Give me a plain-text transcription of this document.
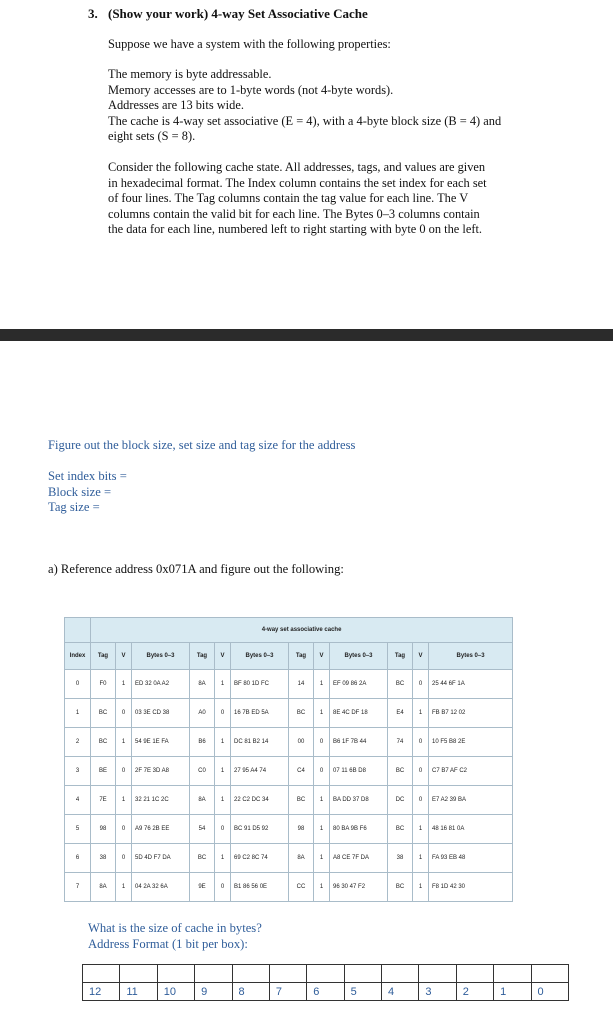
3. (Show your work) 4-way Set Associative Cache

Suppose we have a system with the following properties:

The memory is byte addressable.
Memory accesses are to 1-byte words (not 4-byte words).
Addresses are 13 bits wide.
The cache is 4-way set associative (E = 4), with a 4-byte block size (B = 4) and
eight sets (S = 8).
Consider the following cache state. All addresses, tags, and values are given
in hexadecimal format. The Index column contains the set index for each set
of four lines. The Tag columns contain the tag value for each line. The V
columns contain the valid bit for each line. The Bytes 0–3 columns contain
the data for each line, numbered left to right starting with byte 0 on the left.
Figure out the block size, set size and tag size for the address
Set index bits =
Block size =
Tag size =
a) Reference address 0x071A and figure out the following:
	4-way set associative cache											
Index	Tag	V	Bytes 0–3	Tag	V	Bytes 0–3	Tag	V	Bytes 0–3	Tag	V	Bytes 0–3
0	F0	1	ED 32 0A A2	8A	1	BF 80 1D FC	14	1	EF 09 86 2A	BC	0	25 44 6F 1A
1	BC	0	03 3E CD 38	A0	0	16 7B ED 5A	BC	1	8E 4C DF 18	E4	1	FB B7 12 02
2	BC	1	54 9E 1E FA	B6	1	DC 81 B2 14	00	0	B6 1F 7B 44	74	0	10 F5 B8 2E
3	BE	0	2F 7E 3D A8	C0	1	27 95 A4 74	C4	0	07 11 6B D8	BC	0	C7 B7 AF C2
4	7E	1	32 21 1C 2C	8A	1	22 C2 DC 34	BC	1	BA DD 37 D8	DC	0	E7 A2 39 BA
5	98	0	A9 76 2B EE	54	0	BC 91 D5 92	98	1	80 BA 9B F6	BC	1	48 16 81 0A
6	38	0	5D 4D F7 DA	BC	1	69 C2 8C 74	8A	1	A8 CE 7F DA	38	1	FA 93 EB 48
7	8A	1	04 2A 32 6A	9E	0	B1 86 56 0E	CC	1	96 30 47 F2	BC	1	F8 1D 42 30
What is the size of cache in bytes?
Address Format (1 bit per box):

12	11	10	9	8	7	6	5	4	3	2	1	0
